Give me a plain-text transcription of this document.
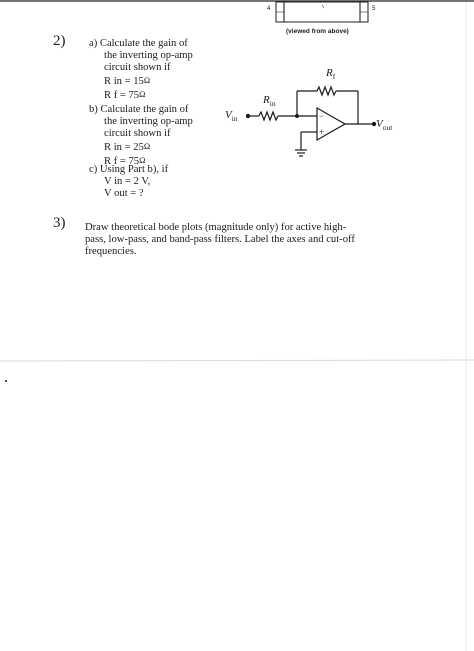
4	5
(viewed from above)
2) a) Calculate the gain of
the inverting op-amp
circuit shown if
R in = 15Ω
R f = 75Ω
b) Calculate the gain of
the inverting op-amp
circuit shown if
R in = 25Ω
R f = 75Ω
c) Using Part b), if
V in = 2 V,
V out = ?
−
+
$R_f$
$R_{in}$
$V_{in}$	$V_{out}$
3) Draw theoretical bode plots (magnitude only) for active high-
pass, low-pass, and band-pass filters. Label the axes and cut-off
frequencies.
